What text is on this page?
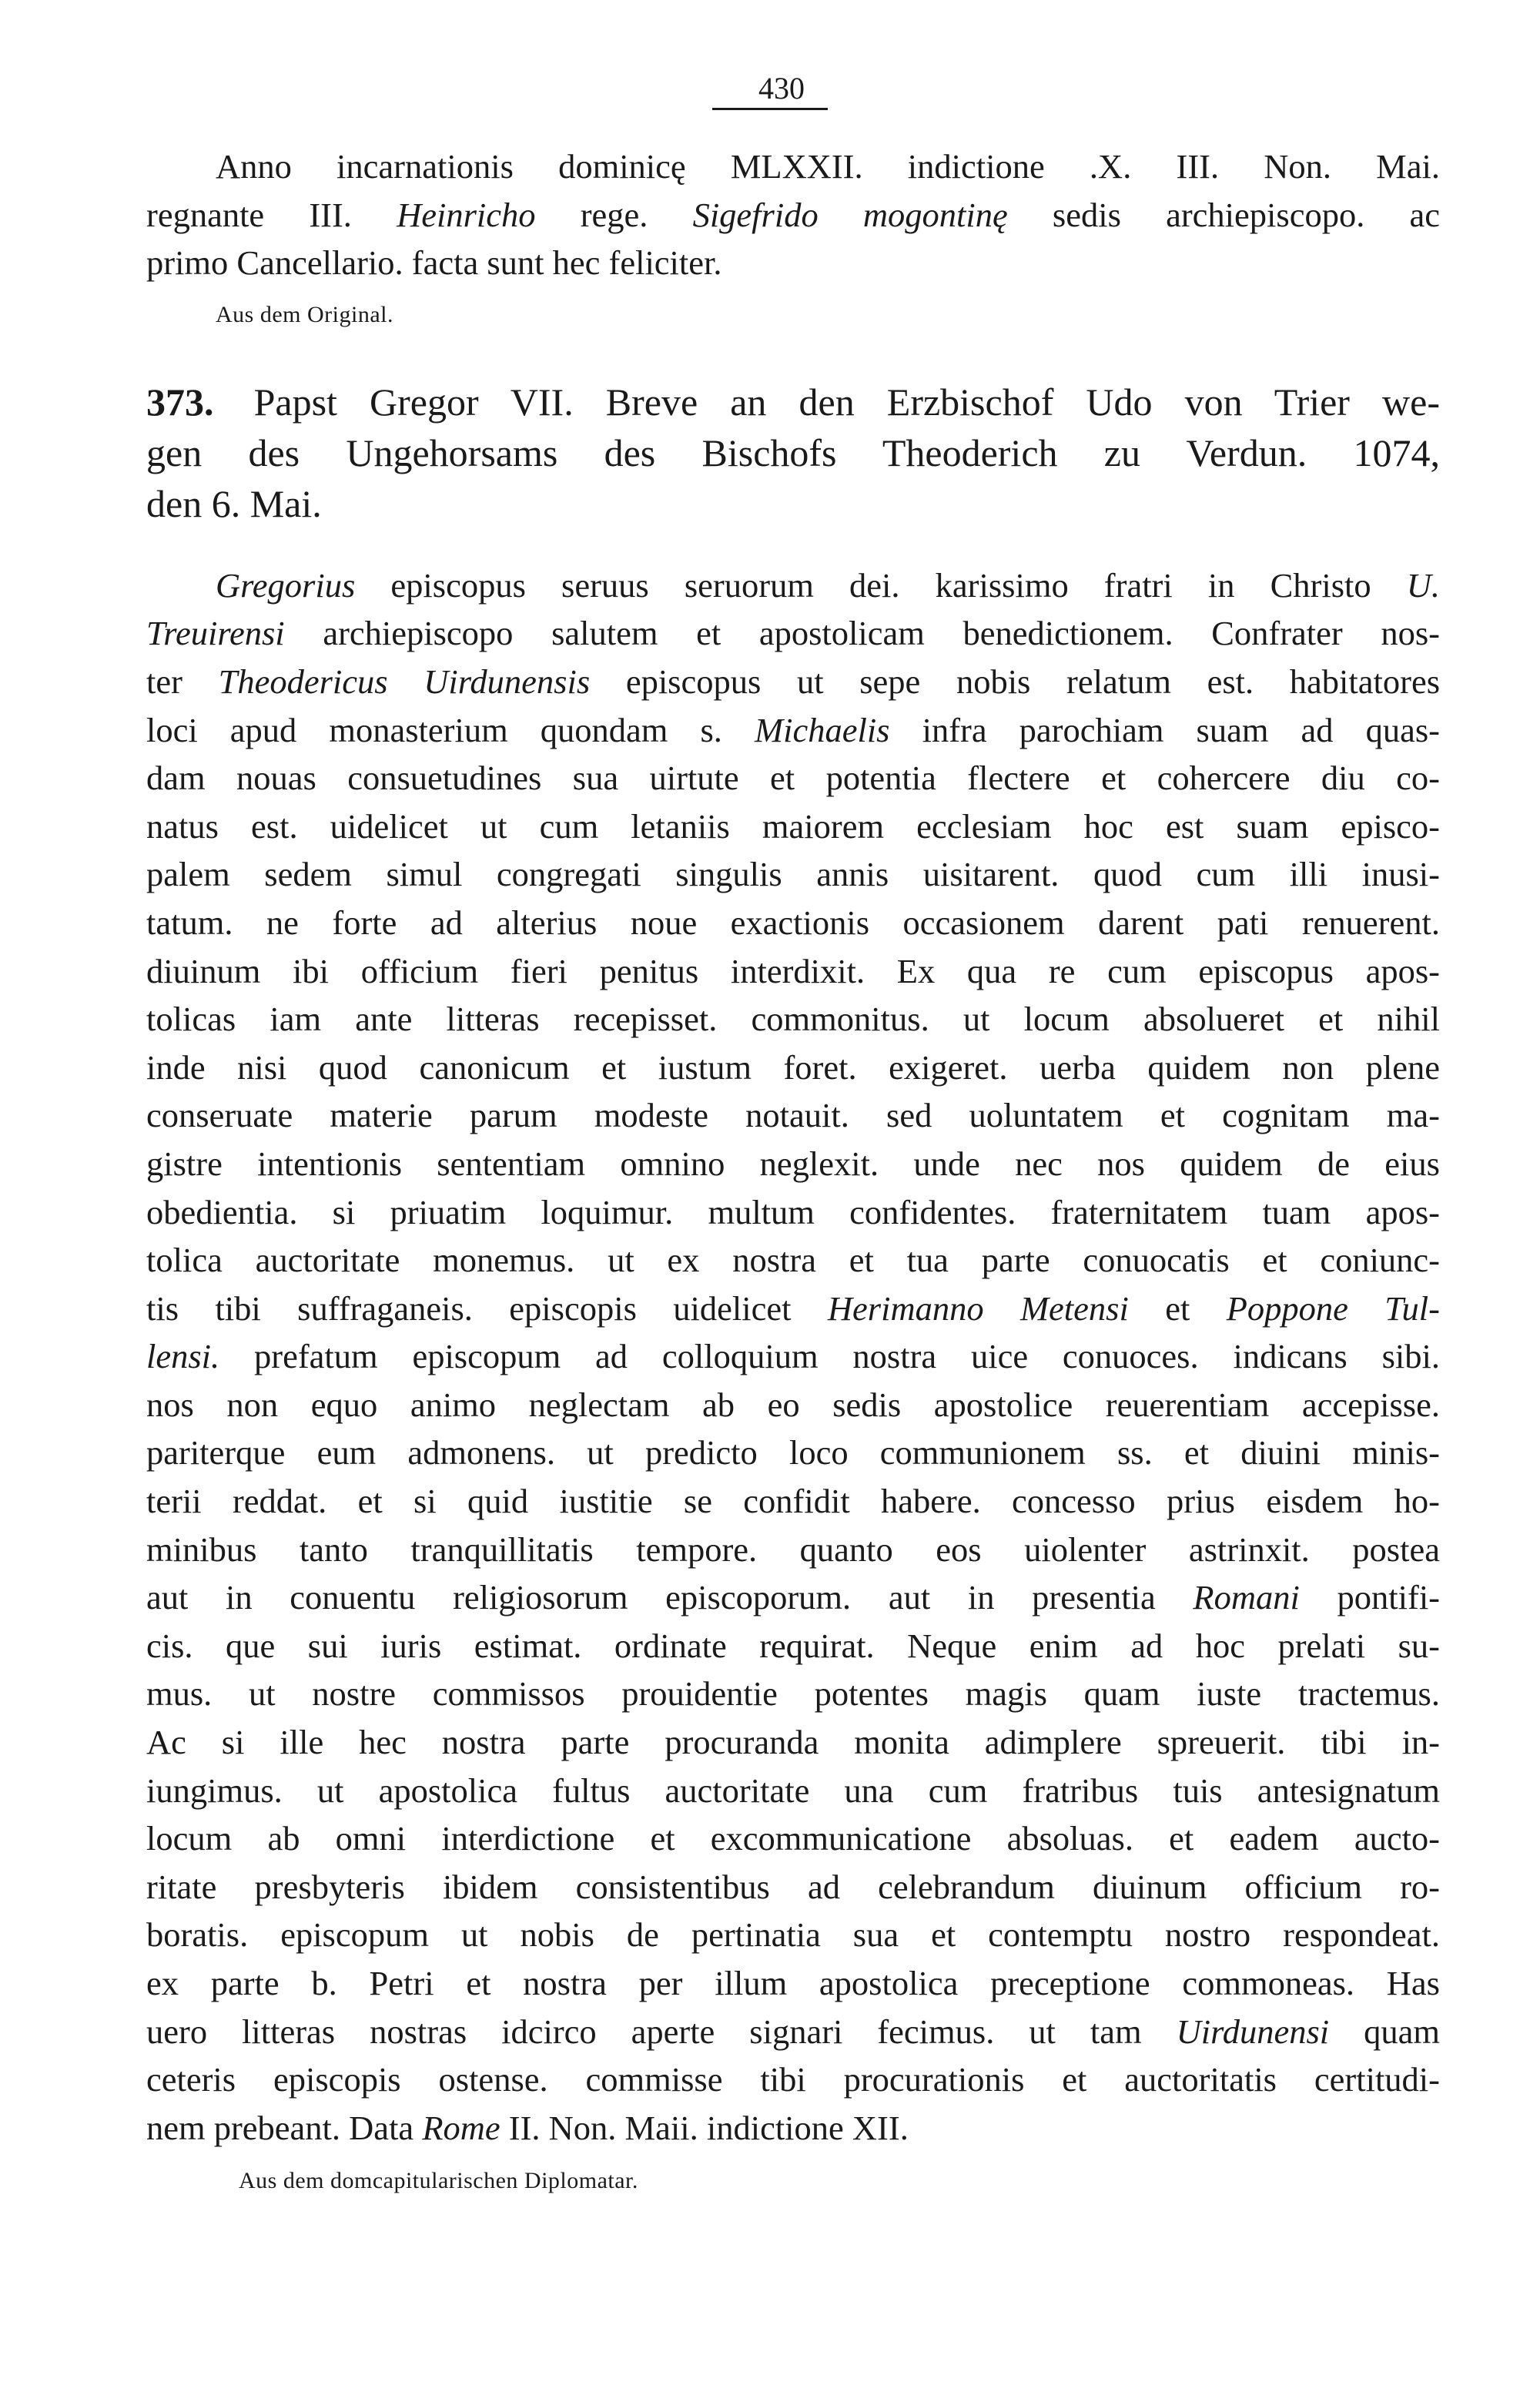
430
Anno incarnationis dominicę MLXXII. indictione .X. III. Non. Mai.
regnante III. Heinricho rege. Sigefrido mogontinę sedis archiepiscopo. ac
primo Cancellario. facta sunt hec feliciter.
Aus dem Original.
373. Papst Gregor VII. Breve an den Erzbischof Udo von Trier we-
gen des Ungehorsams des Bischofs Theoderich zu Verdun. 1074,
den 6. Mai.
Gregorius episcopus seruus seruorum dei. karissimo fratri in Christo U.
Treuirensi archiepiscopo salutem et apostolicam benedictionem. Confrater nos-
ter Theodericus Uirdunensis episcopus ut sepe nobis relatum est. habitatores
loci apud monasterium quondam s. Michaelis infra parochiam suam ad quas-
dam nouas consuetudines sua uirtute et potentia flectere et cohercere diu co-
natus est. uidelicet ut cum letaniis maiorem ecclesiam hoc est suam episco-
palem sedem simul congregati singulis annis uisitarent. quod cum illi inusi-
tatum. ne forte ad alterius noue exactionis occasionem darent pati renuerent.
diuinum ibi officium fieri penitus interdixit. Ex qua re cum episcopus apos-
tolicas iam ante litteras recepisset. commonitus. ut locum absolueret et nihil
inde nisi quod canonicum et iustum foret. exigeret. uerba quidem non plene
conseruate materie parum modeste notauit. sed uoluntatem et cognitam ma-
gistre intentionis sententiam omnino neglexit. unde nec nos quidem de eius
obedientia. si priuatim loquimur. multum confidentes. fraternitatem tuam apos-
tolica auctoritate monemus. ut ex nostra et tua parte conuocatis et coniunc-
tis tibi suffraganeis. episcopis uidelicet Herimanno Metensi et Poppone Tul-
lensi. prefatum episcopum ad colloquium nostra uice conuoces. indicans sibi.
nos non equo animo neglectam ab eo sedis apostolice reuerentiam accepisse.
pariterque eum admonens. ut predicto loco communionem ss. et diuini minis-
terii reddat. et si quid iustitie se confidit habere. concesso prius eisdem ho-
minibus tanto tranquillitatis tempore. quanto eos uiolenter astrinxit. postea
aut in conuentu religiosorum episcoporum. aut in presentia Romani pontifi-
cis. que sui iuris estimat. ordinate requirat. Neque enim ad hoc prelati su-
mus. ut nostre commissos prouidentie potentes magis quam iuste tractemus.
Ac si ille hec nostra parte procuranda monita adimplere spreuerit. tibi in-
iungimus. ut apostolica fultus auctoritate una cum fratribus tuis antesignatum
locum ab omni interdictione et excommunicatione absoluas. et eadem aucto-
ritate presbyteris ibidem consistentibus ad celebrandum diuinum officium ro-
boratis. episcopum ut nobis de pertinatia sua et contemptu nostro respondeat.
ex parte b. Petri et nostra per illum apostolica preceptione commoneas. Has
uero litteras nostras idcirco aperte signari fecimus. ut tam Uirdunensi quam
ceteris episcopis ostense. commisse tibi procurationis et auctoritatis certitudi-
nem prebeant. Data Rome II. Non. Maii. indictione XII.
Aus dem domcapitularischen Diplomatar.
